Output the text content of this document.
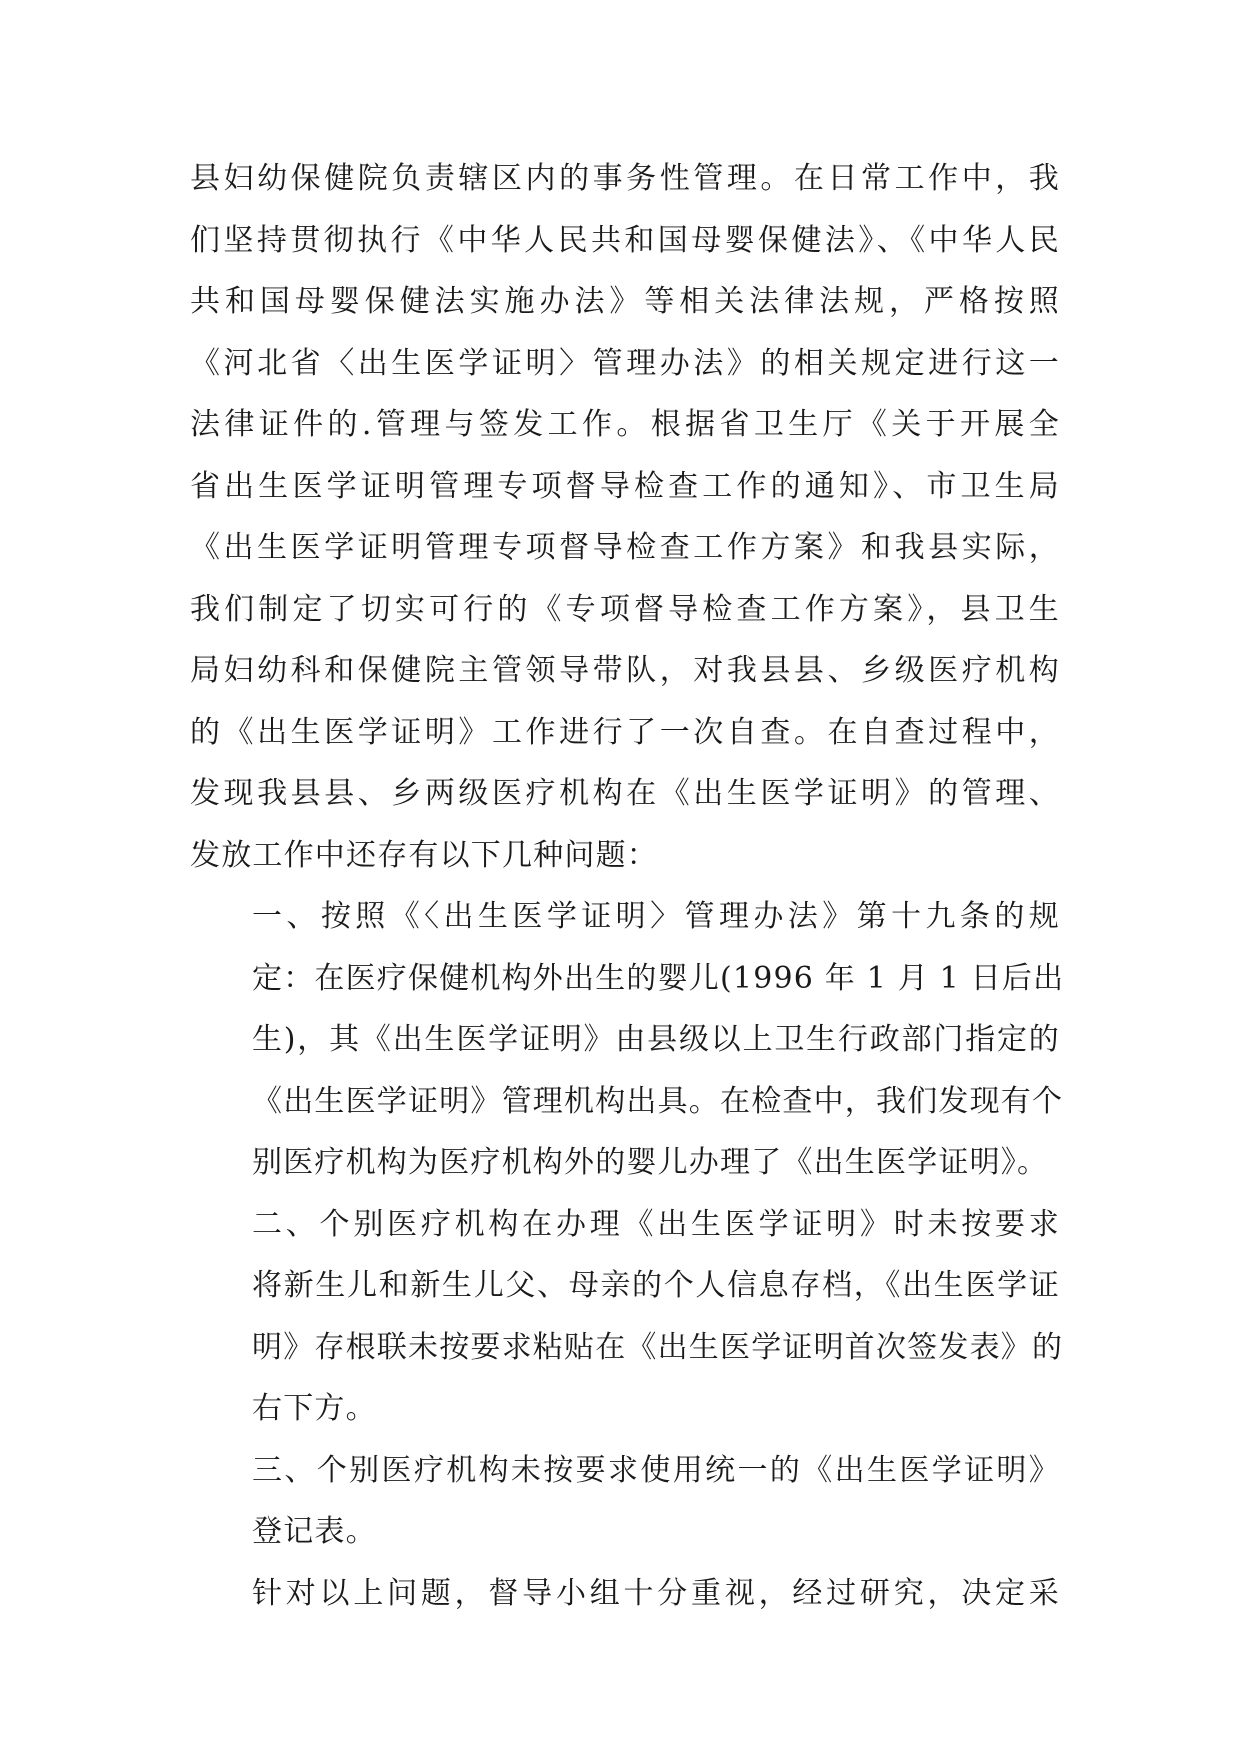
县妇幼保健院负责辖区内的事务性管理。在日常工作中，我
们坚持贯彻执行《中华人民共和国母婴保健法》、《中华人民
共和国母婴保健法实施办法》等相关法律法规，严格按照
《河北省〈出生医学证明〉管理办法》的相关规定进行这一
法律证件的.管理与签发工作。根据省卫生厅《关于开展全
省出生医学证明管理专项督导检查工作的通知》、市卫生局
《出生医学证明管理专项督导检查工作方案》和我县实际，
我们制定了切实可行的《专项督导检查工作方案》，县卫生
局妇幼科和保健院主管领导带队，对我县县、乡级医疗机构
的《出生医学证明》工作进行了一次自查。在自查过程中，
发现我县县、乡两级医疗机构在《出生医学证明》的管理、
发放工作中还存有以下几种问题：
一、按照《〈出生医学证明〉管理办法》第十九条的规
定：在医疗保健机构外出生的婴儿(1996 年 1 月 1 日后出
生)，其《出生医学证明》由县级以上卫生行政部门指定的
《出生医学证明》管理机构出具。在检查中，我们发现有个
别医疗机构为医疗机构外的婴儿办理了《出生医学证明》。
二、个别医疗机构在办理《出生医学证明》时未按要求
将新生儿和新生儿父、母亲的个人信息存档，《出生医学证
明》存根联未按要求粘贴在《出生医学证明首次签发表》的
右下方。
三、个别医疗机构未按要求使用统一的《出生医学证明》
登记表。
针对以上问题，督导小组十分重视，经过研究，决定采
